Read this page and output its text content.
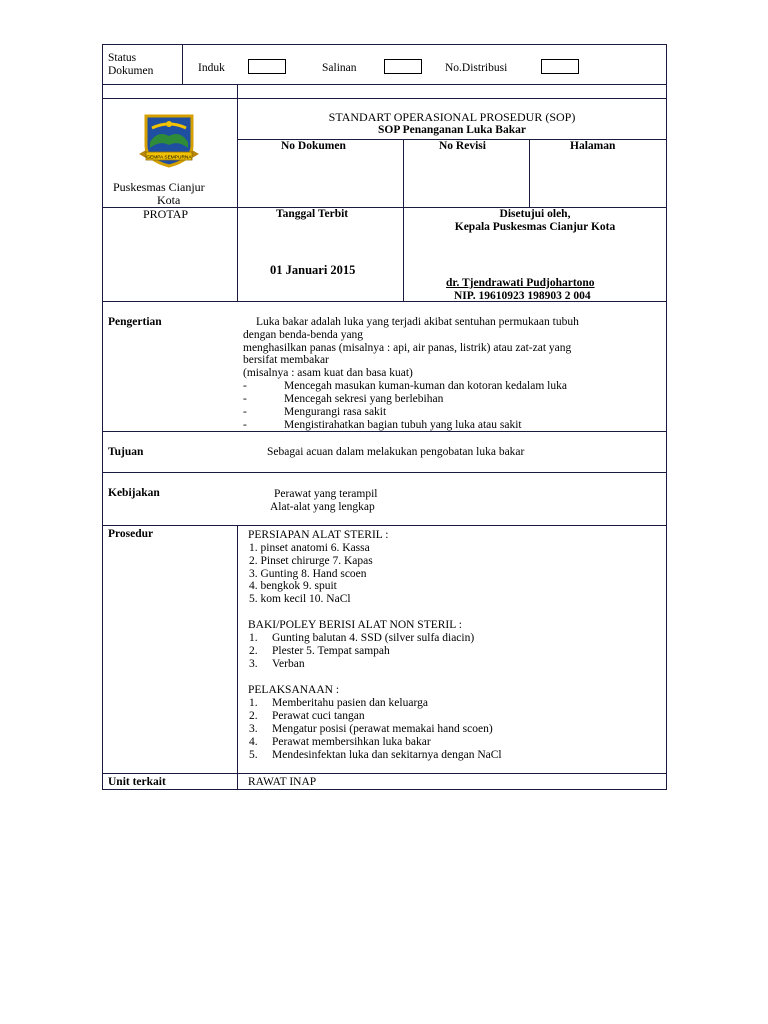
Status
Dokumen	Induk	Salinan	No.Distribusi
GEMPA SEMPURNA
Puskesmas Cianjur
Kota
STANDART OPERASIONAL PROSEDUR (SOP)
SOP Penanganan Luka Bakar
No Dokumen	No Revisi	Halaman
PROTAP	Tanggal Terbit
01 Januari 2015
Disetujui oleh,
Kepala Puskesmas Cianjur Kota
dr. Tjendrawati Pudjohartono
NIP. 19610923 198903 2 004
Pengertian	Luka bakar adalah luka yang terjadi akibat sentuhan permukaan tubuh
dengan benda-benda yang
menghasilkan panas (misalnya : api, air panas, listrik) atau zat-zat yang
bersifat membakar
(misalnya : asam kuat dan basa kuat)
-	Mencegah masukan kuman-kuman dan kotoran kedalam luka
-	Mencegah sekresi yang berlebihan
-	Mengurangi rasa sakit
-	Mengistirahatkan bagian tubuh yang luka atau sakit
Tujuan	Sebagai acuan dalam melakukan pengobatan luka bakar
Kebijakan	Perawat yang terampil
Alat-alat yang lengkap
Prosedur	PERSIAPAN ALAT STERIL :
1. pinset anatomi 6. Kassa
2. Pinset chirurge 7. Kapas
3. Gunting 8. Hand scoen
4. bengkok 9. spuit
5. kom kecil 10. NaCl
BAKI/POLEY BERISI ALAT NON STERIL :
1. Gunting balutan 4. SSD (silver sulfa diacin)
2. Plester 5. Tempat sampah
3. Verban
PELAKSANAAN :
1. Memberitahu pasien dan keluarga
2. Perawat cuci tangan
3. Mengatur posisi (perawat memakai hand scoen)
4. Perawat membersihkan luka bakar
5. Mendesinfektan luka dan sekitarnya dengan NaCl
Unit terkait	RAWAT INAP
